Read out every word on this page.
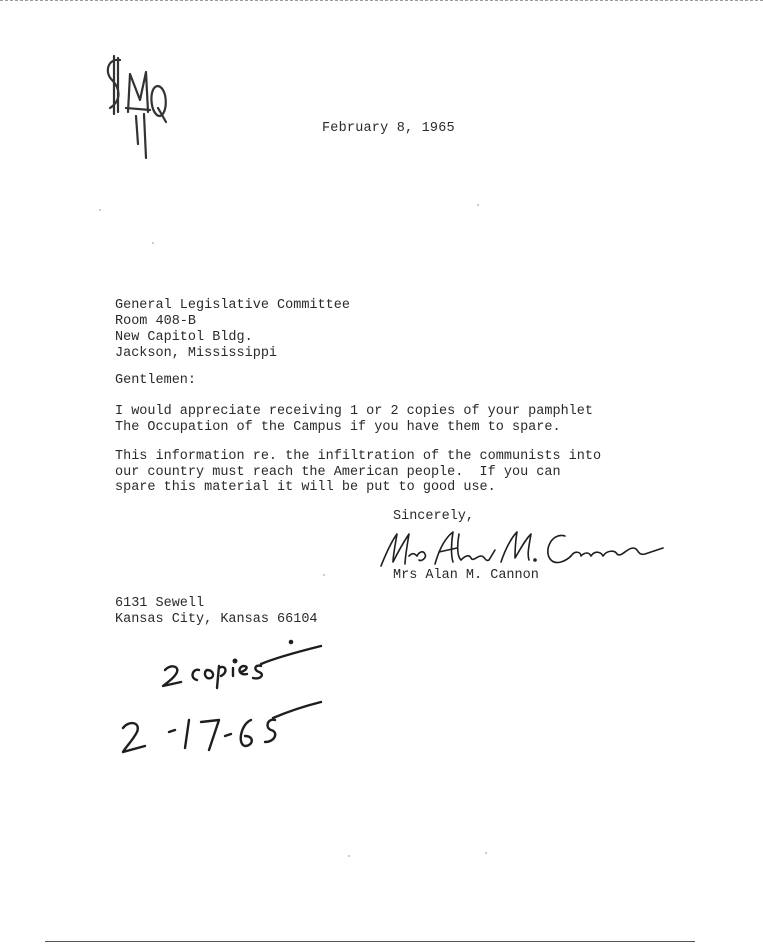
February 8, 1965
General Legislative Committee
Room 408-B
New Capitol Bldg.
Jackson, Mississippi
Gentlemen:
I would appreciate receiving 1 or 2 copies of your pamphlet
The Occupation of the Campus if you have them to spare.
This information re. the infiltration of the communists into
our country must reach the American people.  If you can
spare this material it will be put to good use.
Sincerely,
Mrs Alan M. Cannon
6131 Sewell
Kansas City, Kansas 66104
